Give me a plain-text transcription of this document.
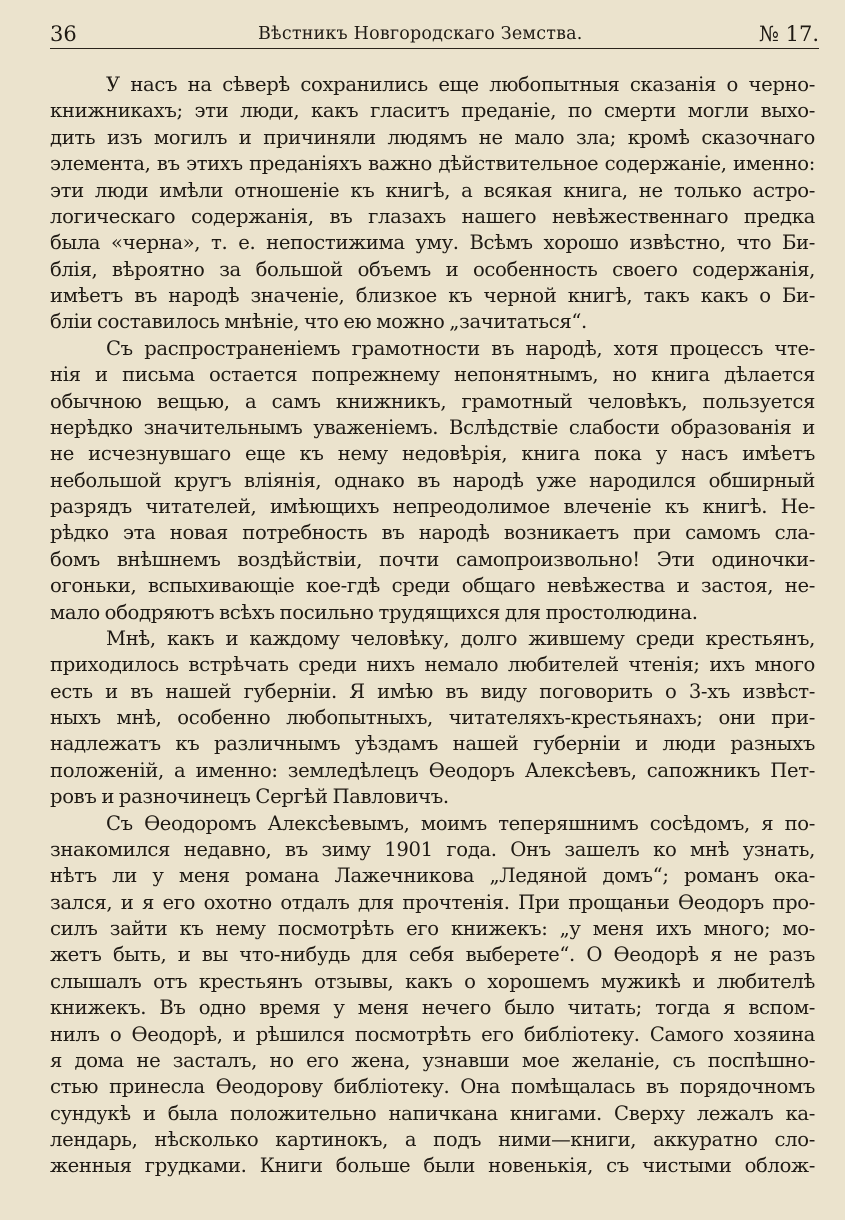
36	Вѣстникъ Новгородскаго Земства.	№ 17.
У насъ на сѣверѣ сохранились еще любопытныя сказанія о черно-
книжникахъ; эти люди, какъ гласитъ преданіе, по смерти могли выхо-
дить изъ могилъ и причиняли людямъ не мало зла; кромѣ сказочнаго
элемента, въ этихъ преданіяхъ важно дѣйствительное содержаніе, именно:
эти люди имѣли отношеніе къ книгѣ, а всякая книга, не только астро-
логическаго содержанія, въ глазахъ нашего невѣжественнаго предка
была «черна», т. е. непостижима уму. Всѣмъ хорошо извѣстно, что Би-
блія, вѣроятно за большой объемъ и особенность своего содержанія,
имѣетъ въ народѣ значеніе, близкое къ черной книгѣ, такъ какъ о Би-
бліи составилось мнѣніе, что ею можно „зачитаться“.
Съ распространеніемъ грамотности въ народѣ, хотя процессъ чте-
нія и письма остается попрежнему непонятнымъ, но книга дѣлается
обычною вещью, а самъ книжникъ, грамотный человѣкъ, пользуется
нерѣдко значительнымъ уваженіемъ. Вслѣдствіе слабости образованія и
не исчезнувшаго еще къ нему недовѣрія, книга пока у насъ имѣетъ
небольшой кругъ вліянія, однако въ народѣ уже народился обширный
разрядъ читателей, имѣющихъ непреодолимое влеченіе къ книгѣ. Не-
рѣдко эта новая потребность въ народѣ возникаетъ при самомъ сла-
бомъ внѣшнемъ воздѣйствіи, почти самопроизвольно! Эти одиночки-
огоньки, вспыхивающіе кое-гдѣ среди общаго невѣжества и застоя, не-
мало ободряютъ всѣхъ посильно трудящихся для простолюдина.
Мнѣ, какъ и каждому человѣку, долго жившему среди крестьянъ,
приходилось встрѣчать среди нихъ немало любителей чтенія; ихъ много
есть и въ нашей губерніи. Я имѣю въ виду поговорить о 3-хъ извѣст-
ныхъ мнѣ, особенно любопытныхъ, читателяхъ-крестьянахъ; они при-
надлежатъ къ различнымъ уѣздамъ нашей губерніи и люди разныхъ
положеній, а именно: земледѣлецъ Ѳеодоръ Алексѣевъ, сапожникъ Пет-
ровъ и разночинецъ Сергѣй Павловичъ.
Съ Ѳеодоромъ Алексѣевымъ, моимъ теперяшнимъ сосѣдомъ, я по-
знакомился недавно, въ зиму 1901 года. Онъ зашелъ ко мнѣ узнать,
нѣтъ ли у меня романа Лажечникова „Ледяной домъ“; романъ ока-
зался, и я его охотно отдалъ для прочтенія. При прощаньи Ѳеодоръ про-
силъ зайти къ нему посмотрѣть его книжекъ: „у меня ихъ много; мо-
жетъ быть, и вы что-нибудь для себя выберете“. О Ѳеодорѣ я не разъ
слышалъ отъ крестьянъ отзывы, какъ о хорошемъ мужикѣ и любителѣ
книжекъ. Въ одно время у меня нечего было читать; тогда я вспом-
нилъ о Ѳеодорѣ, и рѣшился посмотрѣть его библіотеку. Самого хозяина
я дома не засталъ, но его жена, узнавши мое желаніе, съ поспѣшно-
стью принесла Ѳеодорову библіотеку. Она помѣщалась въ порядочномъ
сундукѣ и была положительно напичкана книгами. Сверху лежалъ ка-
лендарь, нѣсколько картинокъ, а подъ ними—книги, аккуратно сло-
женныя грудками. Книги больше были новенькія, съ чистыми облож-
